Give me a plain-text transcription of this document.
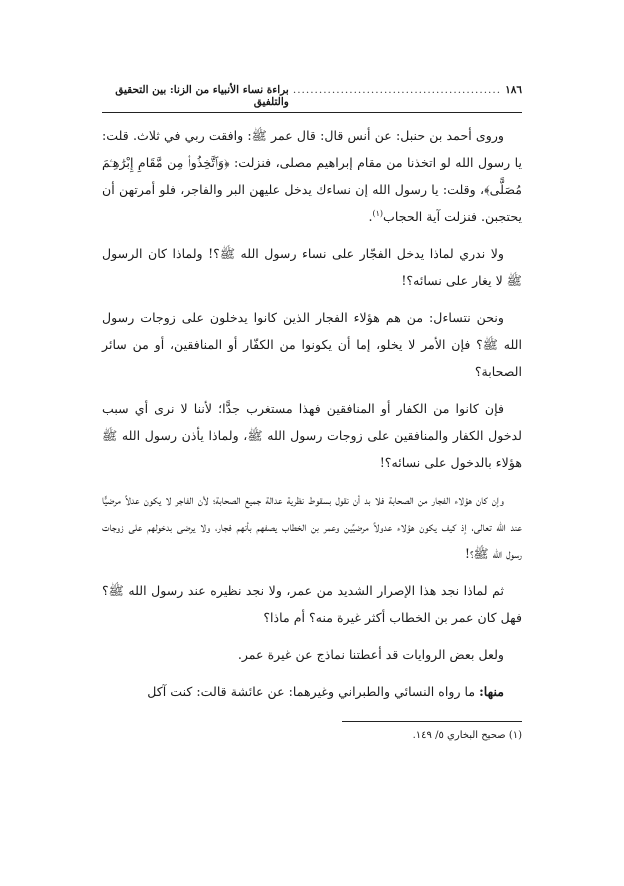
١٨٦
................................................
براءة نساء الأنبياء من الزنا: بين التحقيق والتلفيق

وروى أحمد بن حنبل: عن أنس قال: قال عمر ﷺ: وافقت ربي في ثلاث. قلت: يا رسول الله لو اتخذنا من مقام إبراهيم مصلى، فنزلت: ﴿وَٱتَّخِذُوا۟ مِن مَّقَامِ إِبْرَٰهِـۧمَ مُصَلًّى﴾، وقلت: يا رسول الله إن نساءك يدخل عليهن البر والفاجر، فلو أمرتهن أن يحتجبن. فنزلت آية الحجاب$^{(١)}$.

ولا ندري لماذا يدخل الفجّار على نساء رسول الله ﷺ؟! ولماذا كان الرسول ﷺ لا يغار على نسائه؟!

ونحن نتساءل: من هم هؤلاء الفجار الذين كانوا يدخلون على زوجات رسول الله ﷺ؟ فإن الأمر لا يخلو، إما أن يكونوا من الكفّار أو المنافقين، أو من سائر الصحابة؟

فإن كانوا من الكفار أو المنافقين فهذا مستغرب جدًّا؛ لأننا لا نرى أي سبب لدخول الكفار والمنافقين على زوجات رسول الله ﷺ، ولماذا يأذن رسول الله ﷺ هؤلاء بالدخول على نسائه؟!

وإن كان هؤلاء الفجار من الصحابة فلا بد أن نقول بسقوط نظرية عدالة جميع الصحابة؛ لأن الفاجر لا يكون عدلاً مرضيًّا عند الله تعالى، إذ كيف يكون هؤلاء عدولاً مرضيِّين وعمر بن الخطاب يصفهم بأنهم فجار، ولا يرضى بدخولهم على زوجات رسول الله ﷺ؟!

ثم لماذا نجد هذا الإصرار الشديد من عمر، ولا نجد نظيره عند رسول الله ﷺ؟ فهل كان عمر بن الخطاب أكثر غيرة منه؟ أم ماذا؟

ولعل بعض الروايات قد أعطتنا نماذج عن غيرة عمر.

منها: ما رواه النسائي والطبراني وغيرهما: عن عائشة قالت: كنت آكل

(١) صحيح البخاري ٥/ ١٤٩.
